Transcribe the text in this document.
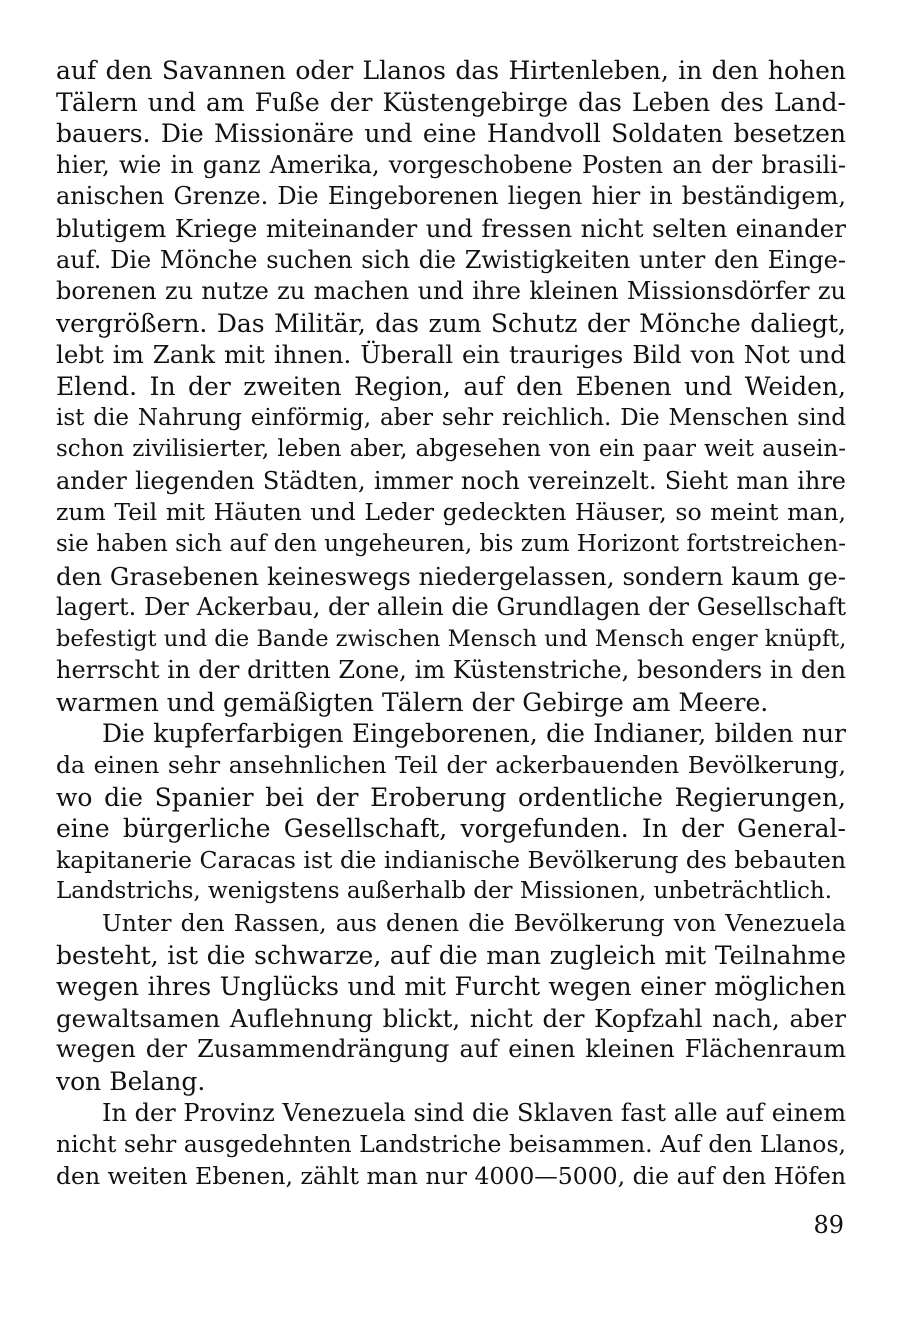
auf den Savannen oder Llanos das Hirtenleben, in den hohen
Tälern und am Fuße der Küstengebirge das Leben des Land-
bauers. Die Missionäre und eine Handvoll Soldaten besetzen
hier, wie in ganz Amerika, vorgeschobene Posten an der brasili-
anischen Grenze. Die Eingeborenen liegen hier in beständigem,
blutigem Kriege miteinander und fressen nicht selten einander
auf. Die Mönche suchen sich die Zwistigkeiten unter den Einge-
borenen zu nutze zu machen und ihre kleinen Missionsdörfer zu
vergrößern. Das Militär, das zum Schutz der Mönche daliegt,
lebt im Zank mit ihnen. Überall ein trauriges Bild von Not und
Elend. In der zweiten Region, auf den Ebenen und Weiden,
ist die Nahrung einförmig, aber sehr reichlich. Die Menschen sind
schon zivilisierter, leben aber, abgesehen von ein paar weit ausein-
ander liegenden Städten, immer noch vereinzelt. Sieht man ihre
zum Teil mit Häuten und Leder gedeckten Häuser, so meint man,
sie haben sich auf den ungeheuren, bis zum Horizont fortstreichen-
den Grasebenen keineswegs niedergelassen, sondern kaum ge-
lagert. Der Ackerbau, der allein die Grundlagen der Gesellschaft
befestigt und die Bande zwischen Mensch und Mensch enger knüpft,
herrscht in der dritten Zone, im Küstenstriche, besonders in den
warmen und gemäßigten Tälern der Gebirge am Meere.
Die kupferfarbigen Eingeborenen, die Indianer, bilden nur
da einen sehr ansehnlichen Teil der ackerbauenden Bevölkerung,
wo die Spanier bei der Eroberung ordentliche Regierungen,
eine bürgerliche Gesellschaft, vorgefunden. In der General-
kapitanerie Caracas ist die indianische Bevölkerung des bebauten
Landstrichs, wenigstens außerhalb der Missionen, unbeträchtlich.
Unter den Rassen, aus denen die Bevölkerung von Venezuela
besteht, ist die schwarze, auf die man zugleich mit Teilnahme
wegen ihres Unglücks und mit Furcht wegen einer möglichen
gewaltsamen Auflehnung blickt, nicht der Kopfzahl nach, aber
wegen der Zusammendrängung auf einen kleinen Flächenraum
von Belang.
In der Provinz Venezuela sind die Sklaven fast alle auf einem
nicht sehr ausgedehnten Landstriche beisammen. Auf den Llanos,
den weiten Ebenen, zählt man nur 4000—5000, die auf den Höfen
89
